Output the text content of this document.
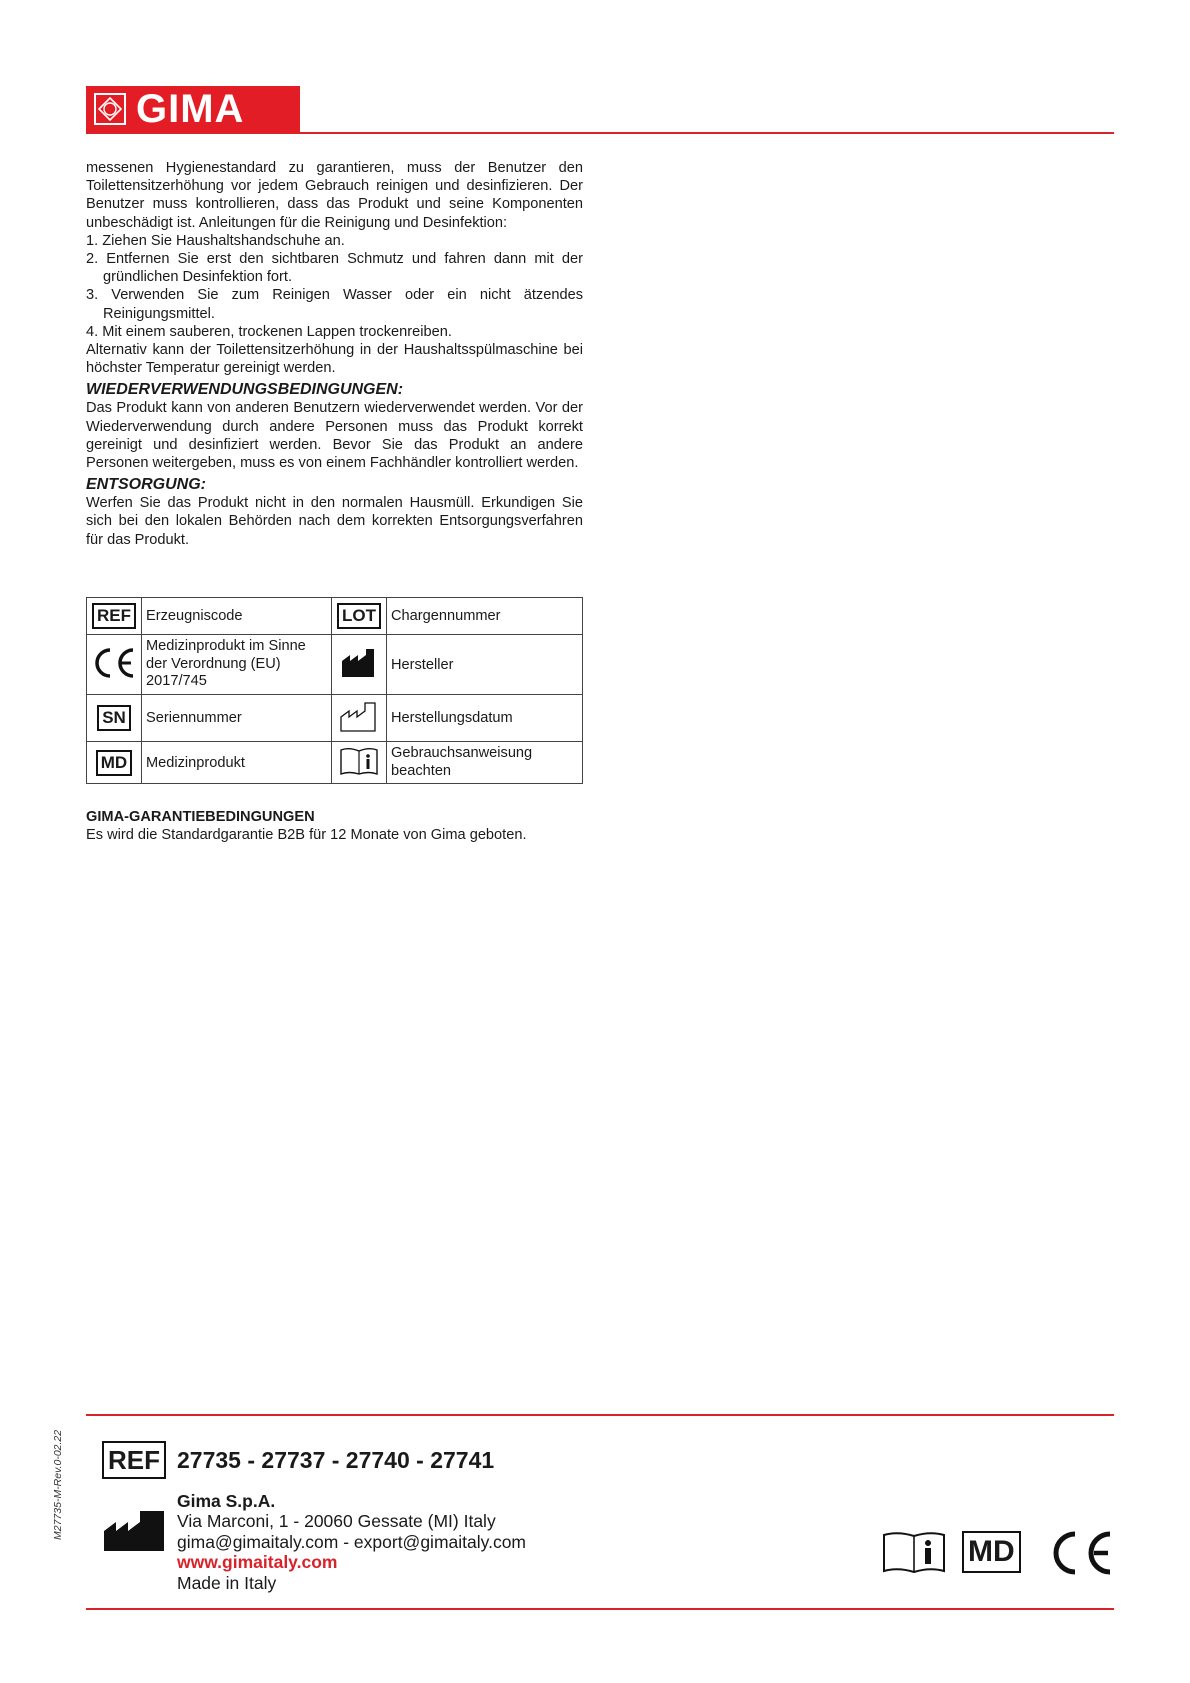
GIMA

messenen Hygienestandard zu garantieren, muss der Benutzer den Toilettensitzerhöhung vor jedem Gebrauch reinigen und desinfizieren. Der Benutzer muss kontrollieren, dass das Produkt und seine Komponenten unbeschädigt ist. Anleitungen für die Reinigung und Desinfektion:

1. Ziehen Sie Haushaltshandschuhe an.

2. Entfernen Sie erst den sichtbaren Schmutz und fahren dann mit der gründlichen Desinfektion fort.

3. Verwenden Sie zum Reinigen Wasser oder ein nicht ätzendes Reinigungsmittel.

4. Mit einem sauberen, trockenen Lappen trockenreiben.

Alternativ kann der Toilettensitzerhöhung in der Haushaltsspülmaschine bei höchster Temperatur gereinigt werden.

WIEDERVERWENDUNGSBEDINGUNGEN:

Das Produkt kann von anderen Benutzern wiederverwendet werden. Vor der Wiederverwendung durch andere Personen muss das Produkt korrekt gereinigt und desinfiziert werden. Bevor Sie das Produkt an andere Personen weitergeben, muss es von einem Fachhändler kontrolliert werden.

ENTSORGUNG:

Werfen Sie das Produkt nicht in den normalen Hausmüll. Erkundigen Sie sich bei den lokalen Behörden nach dem korrekten Entsorgungsverfahren für das Produkt.

REF	Erzeugniscode	LOT	Chargennummer
	Medizinprodukt im Sinne der Verordnung (EU) 2017/745		Hersteller
SN	Seriennummer		Herstellungsdatum
MD	Medizinprodukt		Gebrauchsanweisung beachten
GIMA-GARANTIEBEDINGUNGEN
Es wird die Standardgarantie B2B für 12 Monate von Gima geboten.
REF 27735 - 27737 - 27740 - 27741
Gima S.p.A.
Via Marconi, 1 - 20060 Gessate (MI) Italy
gima@gimaitaly.com - export@gimaitaly.com
www.gimaitaly.com
Made in Italy
M27735-M-Rev.0-02.22
MD
